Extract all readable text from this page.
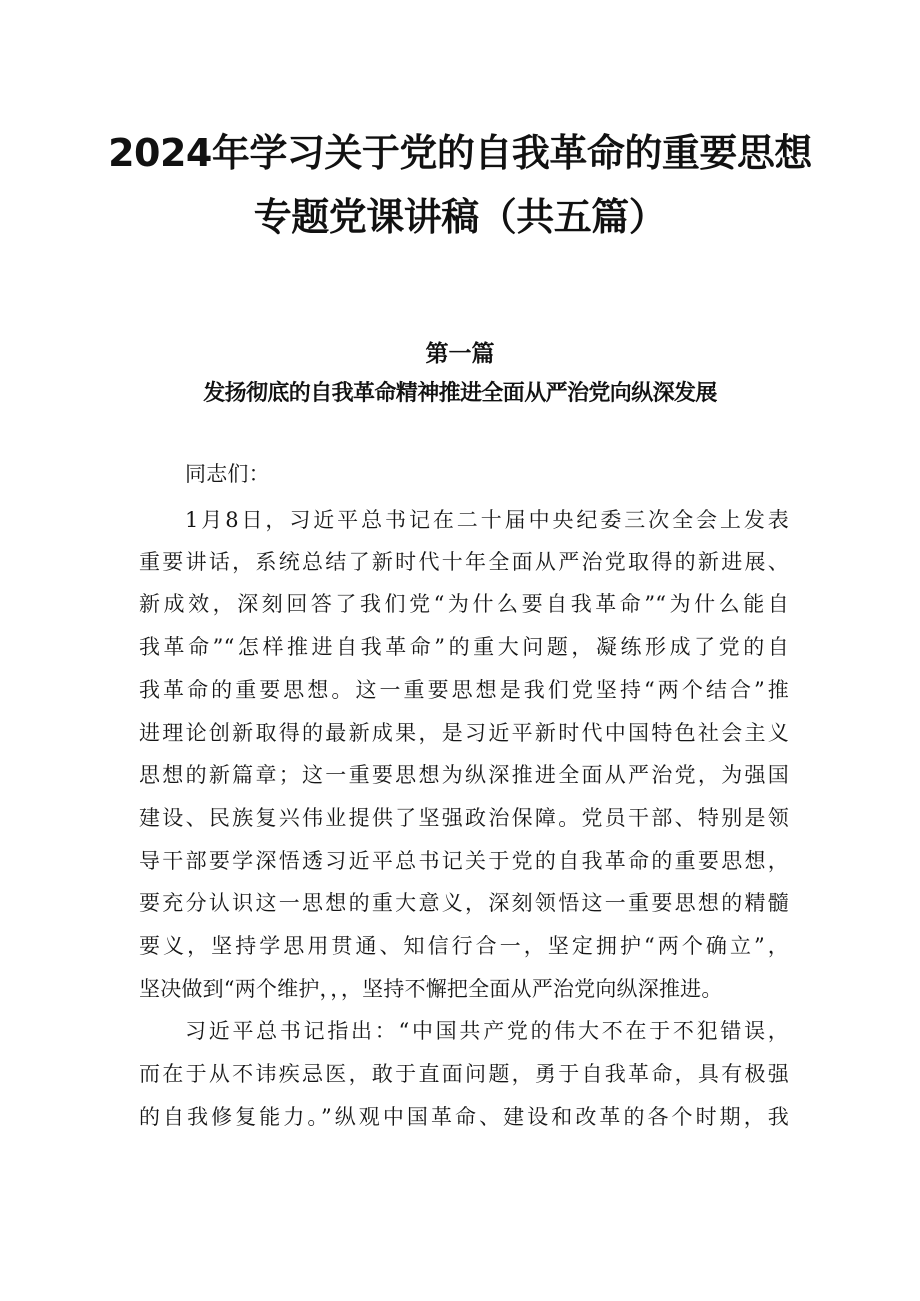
2024年学习关于党的自我革命的重要思想
专题党课讲稿（共五篇）
第一篇
发扬彻底的自我革命精神推进全面从严治党向纵深发展
同志们：
1月8日，习近平总书记在二十届中央纪委三次全会上发表
重要讲话，系统总结了新时代十年全面从严治党取得的新进展、
新成效，深刻回答了我们党“为什么要自我革命”“为什么能自
我革命”“怎样推进自我革命”的重大问题，凝练形成了党的自
我革命的重要思想。这一重要思想是我们党坚持“两个结合”推
进理论创新取得的最新成果，是习近平新时代中国特色社会主义
思想的新篇章；这一重要思想为纵深推进全面从严治党，为强国
建设、民族复兴伟业提供了坚强政治保障。党员干部、特别是领
导干部要学深悟透习近平总书记关于党的自我革命的重要思想，
要充分认识这一思想的重大意义，深刻领悟这一重要思想的精髓
要义，坚持学思用贯通、知信行合一，坚定拥护“两个确立”，
坚决做到“两个维护，，，坚持不懈把全面从严治党向纵深推进。
习近平总书记指出：“中国共产党的伟大不在于不犯错误，
而在于从不讳疾忌医，敢于直面问题，勇于自我革命，具有极强
的自我修复能力。”纵观中国革命、建设和改革的各个时期，我
